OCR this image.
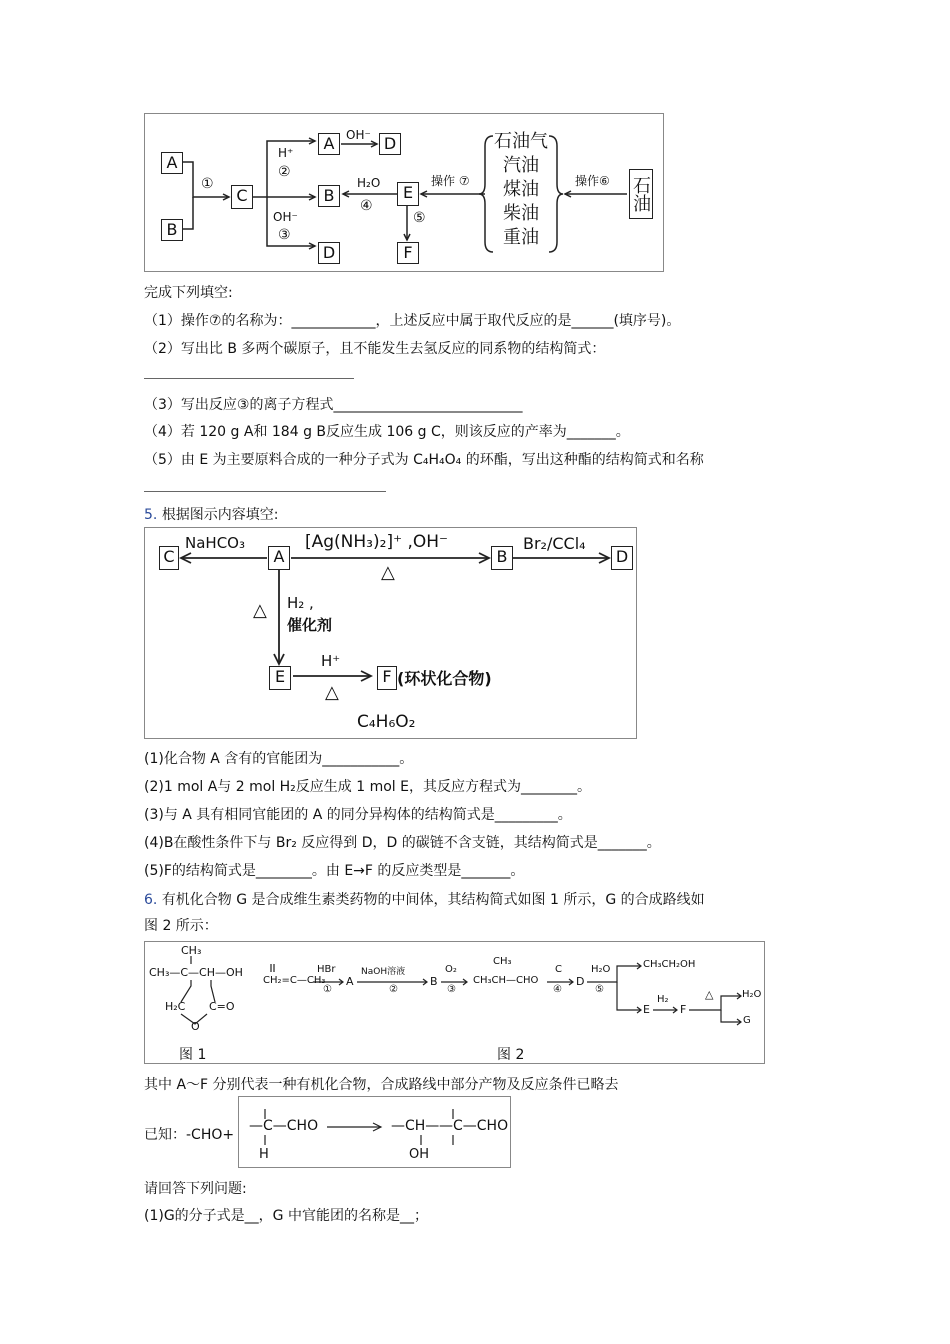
A
B
C
A	D
B	E
D	F
①
H⁺
②
OH⁻
③
OH⁻
H₂O
④
⑤
操作 ⑦	操作⑥
石油气
汽油
煤油
柴油
重油
石油
完成下列填空:
（1）操作⑦的名称为：____________，上述反应中属于取代反应的是______(填序号)。
（2）写出比 B 多两个碳原子，且不能发生去氢反应的同系物的结构简式：
（3）写出反应③的离子方程式___________________________
（4）若 120 g A和 184 g B反应生成 106 g C，则该反应的产率为_______。
（5）由 E 为主要原料合成的一种分子式为 C₄H₄O₄ 的环酯，写出这种酯的结构简式和名称
5. 根据图示内容填空:
C	A	B	D
E	F
NaHCO₃	[Ag(NH₃)₂]⁺ ,OH⁻
△
Br₂/CCl₄
△ H₂ ,
催化剂
H⁺
△
(环状化合物)
C₄H₆O₂
(1)化合物 A 含有的官能团为___________。
(2)1 mol A与 2 mol H₂反应生成 1 mol E，其反应方程式为________。
(3)与 A 具有相同官能团的 A 的同分异构体的结构简式是_________。
(4)B在酸性条件下与 Br₂ 反应得到 D，D 的碳链不含支链，其结构简式是_______。
(5)F的结构简式是________。由 E→F 的反应类型是_______。
6. 有机化合物 G 是合成维生素类药物的中间体，其结构简式如图 1 所示，G 的合成路线如
图 2 所示：
CH₃
CH₃—C—CH—OH
H₂C C=O
O
图 1	图 2
CH₂=C—CH₃
HBr
①
A
NaOH溶液
②
B
O₂
③
CH₃
CH₃CH—CHO
C
④
D
H₂O
⑤
CH₃CH₂OH
E
H₂
F
△	H₂O
G
其中 A～F 分别代表一种有机化合物，合成路线中部分产物及反应条件已略去
已知：-CHO+
—C—CHO
H
—CH— —C—CHO
OH
请回答下列问题:
(1)G的分子式是__，G 中官能团的名称是__；
